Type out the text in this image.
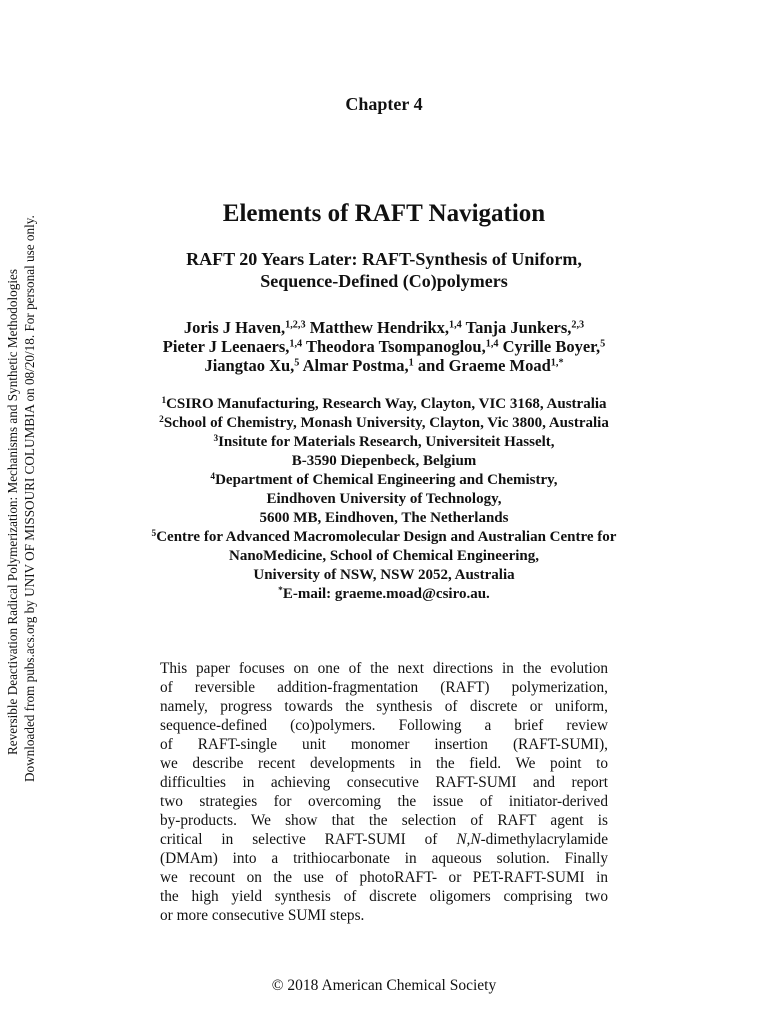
Reversible Deactivation Radical Polymerization: Mechanisms and Synthetic Methodologies Downloaded from pubs.acs.org by UNIV OF MISSOURI COLUMBIA on 08/20/18. For personal use only.
Chapter 4
Elements of RAFT Navigation
RAFT 20 Years Later: RAFT-Synthesis of Uniform,
Sequence-Defined (Co)polymers
Joris J Haven,$^{1,2,3}$ Matthew Hendrikx,$^{1,4}$ Tanja Junkers,$^{2,3}$
Pieter J Leenaers,$^{1,4}$ Theodora Tsompanoglou,$^{1,4}$ Cyrille Boyer,$^5$
Jiangtao Xu,$^5$ Almar Postma,$^1$ and Graeme Moad$^{1,*}$
$^1$CSIRO Manufacturing, Research Way, Clayton, VIC 3168, Australia
$^2$School of Chemistry, Monash University, Clayton, Vic 3800, Australia
$^3$Insitute for Materials Research, Universiteit Hasselt,
B-3590 Diepenbeck, Belgium
$^4$Department of Chemical Engineering and Chemistry,
Eindhoven University of Technology,
5600 MB, Eindhoven, The Netherlands
$^5$Centre for Advanced Macromolecular Design and Australian Centre for
NanoMedicine, School of Chemical Engineering,
University of NSW, NSW 2052, Australia
*E-mail: graeme.moad@csiro.au.
This paper focuses on one of the next directions in the evolution
of reversible addition-fragmentation (RAFT) polymerization,
namely, progress towards the synthesis of discrete or uniform,
sequence-defined (co)polymers. Following a brief review
of RAFT-single unit monomer insertion (RAFT-SUMI),
we describe recent developments in the field. We point to
difficulties in achieving consecutive RAFT-SUMI and report
two strategies for overcoming the issue of initiator-derived
by-products. We show that the selection of RAFT agent is
critical in selective RAFT-SUMI of N,N-dimethylacrylamide
(DMAm) into a trithiocarbonate in aqueous solution. Finally
we recount on the use of photoRAFT- or PET-RAFT-SUMI in
the high yield synthesis of discrete oligomers comprising two
or more consecutive SUMI steps.
© 2018 American Chemical Society
